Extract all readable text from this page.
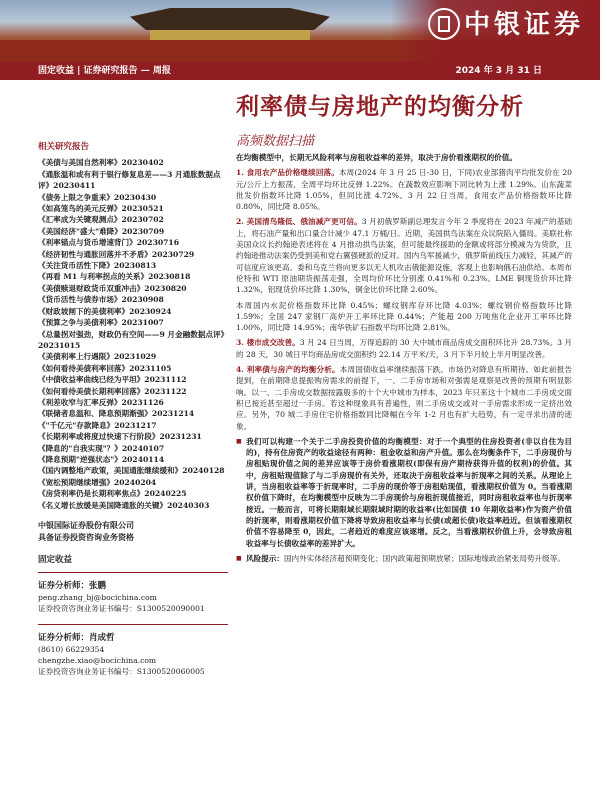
中银证券
固定收益 | 证券研究报告 — 周报	2024 年 3 月 31 日
利率债与房地产的均衡分析
高频数据扫描
相关研究报告
《美债与美国自然利率》20230402
《通胀温和或有利于银行修复息差——3 月通胀数据点评》20230411
《债务上限之争重来》20230430
《如高笼鸟的美元反弹》20230521
《汇率成为关键观测点》20230702
《美国经济"盛大"难降》20230709
《利率锚点与货币增速背门》20230716
《经济韧性与通胀回落并不矛盾》20230729
《关注货币活性下降》20230813
《再看 M1 与利率拐点的关系》20230818
《美债赎退财政货币双重冲击》20230820
《货币活性与债券市场》20230908
《财政坡闸下的美债利率》20230924
《预算之争与美债利率》20231007
《总量拐对强劲，财政仍有空间——9 月金融数据点评》20231015
《美债利率上行遇限》20231029
《如何看待美债利率回落》20231105
《中债收益率曲线已经为平坦》20231112
《如何看待美债长期利率回落》20231122
《利差收窄与汇率反弹》20231126
《联储者息温和、降息预期渐强》20231214
《"千亿元"存款降息》20231217
《长期利率或将度过快速下行阶段》20231231
《降息的"自我实现"？》20240107
《降息预期"逆强状态"》20240114
《国内调整地产政策，美国通胀继续缓和》20240128
《宽松预期继续增强》20240204
《房贷利率仍是长期利率焦点》20240225
《名义增长放缓是美国降通胀的关键》20240303
中银国际证券股份有限公司
具备证券投资咨询业务资格
固定收益
证券分析师：张鹏
peng.zhang_bj@bocichina.com
证券投资咨询业务证书编号：S1300520090001
证券分析师：肖成哲
(8610) 66229354
chengzhe.xiao@bocichina.com
证券投资咨询业务证书编号：S1300520060005

在均衡模型中，长期无风险利率与房租收益率的差异，取决于房价看涨期权的价值。

1. 食用农产品价格继续回落。本周(2024 年 3 月 25 日-30 日，下同)农业部猪肉平均批发价在 20 元/公斤上方振荡，全周平均环比反弹 1.22%。在蔬数效应影响下同比转为上涨 1.29%。山东蔬菜批发价指数环比降 1.05%，但同比涨 4.72%。3 月 22 日当周，食用农产品价格指数环比降 0.80%，同比降 8.05%。

2. 美国清鸟隆低、俄油减产更可信。3 月初俄罗斯副总理发言今年 2 季度将在 2023 年减产的基础上，将石油产量和出口量合计减少 47.1 万桶/日。近期，美国拱鸟法案在众议院陷入僵局。美联社称美国众议长约翰逊表述将在 4 月推动拱鸟法案，但可能最终援助的金额或将部分模减为为贷款，且约翰逊推动法案仍受到美和党右翼强硬派的反对。国内乌军援减少，俄罗斯前线压力减轻，其减产的可信度应该更高。委和乌克兰将向更多以无人机攻击俄能源设施，客观上也影响俄石油供给。本周布伦特和 WTI 原油期货振荡走强，全周均价环比分别涨 0.41%和 0.23%。LME 铜现货价环比降 1.32%，铝现货价环比降 1.30%，铜金比价环比降 2.60%。

本周国内水泥价格指数环比降 0.45%；螺纹钢库存环比降 4.03%；螺纹钢价格指数环比降 1.59%；全国 247 家钢厂高炉开工率环比降 0.44%；产能超 200 万吨焦化企业开工率环比降 1.00%，同比降 14.95%；南华铁矿石指数平均环比降 2.81%。

3. 楼市成交改善。3 月 24 日当周，万得追踪的 30 大中城市商品房成交面积环比升 28.73%。3 月的 28 天，30 城日平均商品房成交面积约 22.14 万平米/天，3 月下半月较上半月明显改善。

4. 利率债与房产的均衡分析。本周国债收益率继续振荡下跌。市场仍对降息有所期待。如此前报告提到，在前期降息提振购房需求的前提下，一、二手房市场和对强需是观察是改善的预期有明显影响。以一、二手房成交数据按露般多的十个大中城市为样本，2023 年只来这十个城市二手房成交面积已接近甚至超过一手房。若这种现象具有普遍性，则二手房成交或对一手房需求形成一定挤出效应。另外，70 城二手房住宅价格指数同比降幅在今年 1-2 月也有扩大趋势，有一定寻求出清的迹象。

■ 我们可以构建一个关于二手房投资价值的均衡模型：对于一个典型的住房投资者(非以自住为目的)，持有住房资产的收益途径有两种：租金收益和房产升值。那么在均衡条件下，二手房现价与房租贴现价值之间的差异应该等于房价看涨期权(即保有房产期待获得升值的权利)的价值。其中，房租贴现值除了与二手房现价有关外，还取决于房租收益率与折现率之间的关系。从理论上讲，当房租收益率等于折现率时，二手房的现价等于房租贴现值，看涨期权价值为 0。当看涨期权价值下降时，在均衡模型中反映为二手房现价与房租折现值接近，同时房租收益率也与折现率接近。一般而言，可将长期限域长期限域时期的收益率(比如国债 10 年期收益率)作为资产价值的折现率，则看涨期权价值下降将导致房租收益率与长债(或超长债)收益率趋近。但该看涨期权价值不容易降至 0，因此，二者趋近的难度应该逐增。反之，当看涨期权价值上升，会导致房租收益率与长债收益率的差异扩大。

■ 风险提示：国内外实体经济超预期变化；国内政策超预期放紧；国际地缘政治紧张局势升级等。
